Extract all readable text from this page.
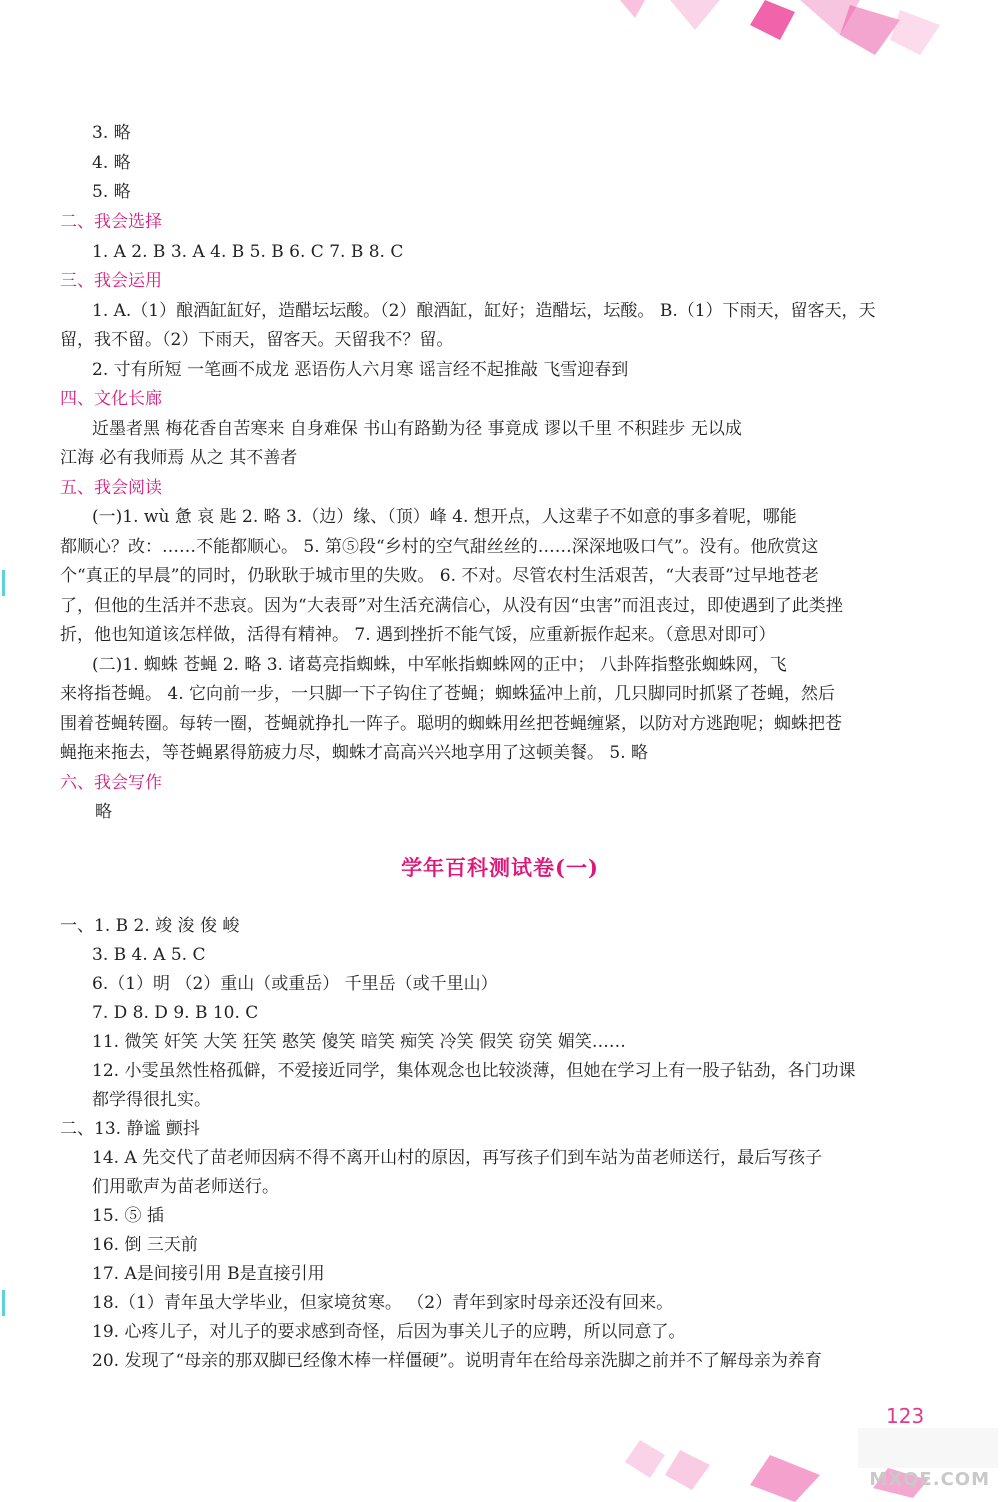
3. 略
4. 略
5. 略
二、我会选择
1. A 2. B 3. A 4. B 5. B 6. C 7. B 8. C
三、我会运用
1. A.（1）酿酒缸缸好，造醋坛坛酸。（2）酿酒缸，缸好；造醋坛，坛酸。 B.（1）下雨天，留客天，天
留，我不留。（2）下雨天，留客天。天留我不？留。
2. 寸有所短 一笔画不成龙 恶语伤人六月寒 谣言经不起推敲 飞雪迎春到
四、文化长廊
近墨者黑 梅花香自苦寒来 自身难保 书山有路勤为径 事竟成 谬以千里 不积跬步 无以成
江海 必有我师焉 从之 其不善者
五、我会阅读
(一)1. wù 惫 哀 匙 2. 略 3.（边）缘、（顶）峰 4. 想开点，人这辈子不如意的事多着呢，哪能
都顺心？改：……不能都顺心。 5. 第⑤段“乡村的空气甜丝丝的……深深地吸口气”。没有。他欣赏这
个“真正的早晨”的同时，仍耿耿于城市里的失败。 6. 不对。尽管农村生活艰苦，“大表哥”过早地苍老
了，但他的生活并不悲哀。因为“大表哥”对生活充满信心，从没有因“虫害”而沮丧过，即使遇到了此类挫
折，他也知道该怎样做，活得有精神。 7. 遇到挫折不能气馁，应重新振作起来。（意思对即可）
(二)1. 蜘蛛 苍蝇 2. 略 3. 诸葛亮指蜘蛛，中军帐指蜘蛛网的正中； 八卦阵指整张蜘蛛网，飞
来将指苍蝇。 4. 它向前一步，一只脚一下子钩住了苍蝇；蜘蛛猛冲上前，几只脚同时抓紧了苍蝇，然后
围着苍蝇转圈。每转一圈，苍蝇就挣扎一阵子。聪明的蜘蛛用丝把苍蝇缠紧，以防对方逃跑呢；蜘蛛把苍
蝇拖来拖去，等苍蝇累得筋疲力尽，蜘蛛才高高兴兴地享用了这顿美餐。 5. 略
六、我会写作
略
学年百科测试卷(一)
一、1. B 2. 竣 浚 俊 峻
3. B 4. A 5. C
6.（1）明 （2）重山（或重岳） 千里岳（或千里山）
7. D 8. D 9. B 10. C
11. 微笑 奸笑 大笑 狂笑 憨笑 傻笑 暗笑 痴笑 冷笑 假笑 窃笑 媚笑……
12. 小雯虽然性格孤僻，不爱接近同学，集体观念也比较淡薄，但她在学习上有一股子钻劲，各门功课
都学得很扎实。
二、13. 静谧 颤抖
14. A 先交代了苗老师因病不得不离开山村的原因，再写孩子们到车站为苗老师送行，最后写孩子
们用歌声为苗老师送行。
15. ⑤ 插
16. 倒 三天前
17. A是间接引用 B是直接引用
18.（1）青年虽大学毕业，但家境贫寒。 （2）青年到家时母亲还没有回来。
19. 心疼儿子，对儿子的要求感到奇怪，后因为事关儿子的应聘，所以同意了。
20. 发现了“母亲的那双脚已经像木棒一样僵硬”。说明青年在给母亲洗脚之前并不了解母亲为养育
123
MXQE.COM
